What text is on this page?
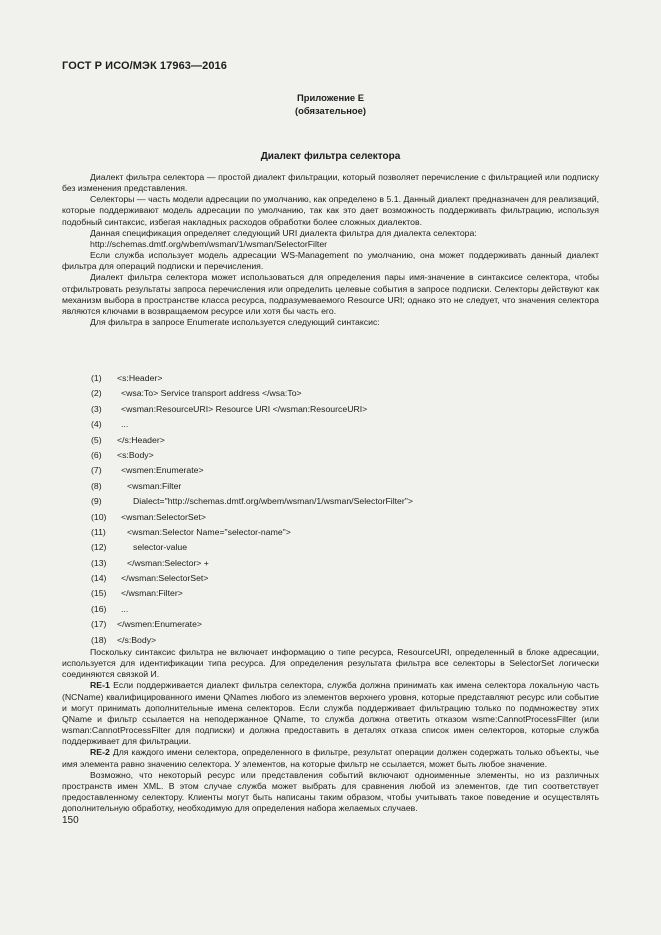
ГОСТ Р ИСО/МЭК 17963—2016
Приложение Е
(обязательное)
Диалект фильтра селектора

Диалект фильтра селектора — простой диалект фильтрации, который позволяет перечисление с фильтрацией или подписку без изменения представления.

Селекторы — часть модели адресации по умолчанию, как определено в 5.1. Данный диалект предназначен для реализаций, которые поддерживают модель адресации по умолчанию, так как это дает возможность поддерживать фильтрацию, используя подобный синтаксис, избегая накладных расходов обработки более сложных диалектов.

Данная спецификация определяет следующий URI диалекта фильтра для диалекта селектора:

http://schemas.dmtf.org/wbem/wsman/1/wsman/SelectorFilter

Если служба использует модель адресации WS-Management по умолчанию, она может поддерживать данный диалект фильтра для операций подписки и перечисления.

Диалект фильтра селектора может использоваться для определения пары имя-значение в синтаксисе селектора, чтобы отфильтровать результаты запроса перечисления или определить целевые события в запросе подписки. Селекторы действуют как механизм выбора в пространстве класса ресурса, подразумеваемого Resource URI; однако это не следует, что значения селектора являются ключами в возвращаемом ресурсе или хотя бы часть его.

Для фильтра в запросе Enumerate используется следующий синтаксис:

(1) <s:Header>
(2) <wsa:To> Service transport address </wsa:To>
(3) <wsman:ResourceURI> Resource URI </wsman:ResourceURI>
(4) ...
(5) </s:Header>
(6) <s:Body>
(7) <wsmen:Enumerate>
(8)	<wsman:Filter
(9)	Dialect="http://schemas.dmtf.org/wbem/wsman/1/wsman/SelectorFilter">
(10) <wsman:SelectorSet>
(11) <wsman:Selector Name="selector-name">
(12)	selector-value
(13) </wsman:Selector> +
(14) </wsman:SelectorSet>
(15) </wsman:Filter>
(16) ...
(17) </wsmen:Enumerate>
(18) </s:Body>

Поскольку синтаксис фильтра не включает информацию о типе ресурса, ResourceURI, определенный в блоке адресации, используется для идентификации типа ресурса. Для определения результата фильтра все селекторы в SelectorSet логически соединяются связкой И.

RE-1 Если поддерживается диалект фильтра селектора, служба должна принимать как имена селектора локальную часть (NCName) квалифицированного имени QNames любого из элементов верхнего уровня, которые представляют ресурс или событие и могут принимать дополнительные имена селекторов. Если служба поддерживает фильтрацию только по подмножеству этих QName и фильтр ссылается на неподержанное QName, то служба должна ответить отказом wsme:CannotProcessFilter (или wsman:CannotProcessFilter для подписки) и должна предоставить в деталях отказа список имен селекторов, которые служба поддерживает для фильтрации.

RE-2 Для каждого имени селектора, определенного в фильтре, результат операции должен содержать только объекты, чье имя элемента равно значению селектора. У элементов, на которые фильтр не ссылается, может быть любое значение.

Возможно, что некоторый ресурс или представления событий включают одноименные элементы, но из различных пространств имен XML. В этом случае служба может выбрать для сравнения любой из элементов, где тип соответствует предоставленному селектору. Клиенты могут быть написаны таким образом, чтобы учитывать такое поведение и осуществлять дополнительную обработку, необходимую для определения набора желаемых случаев.

150
